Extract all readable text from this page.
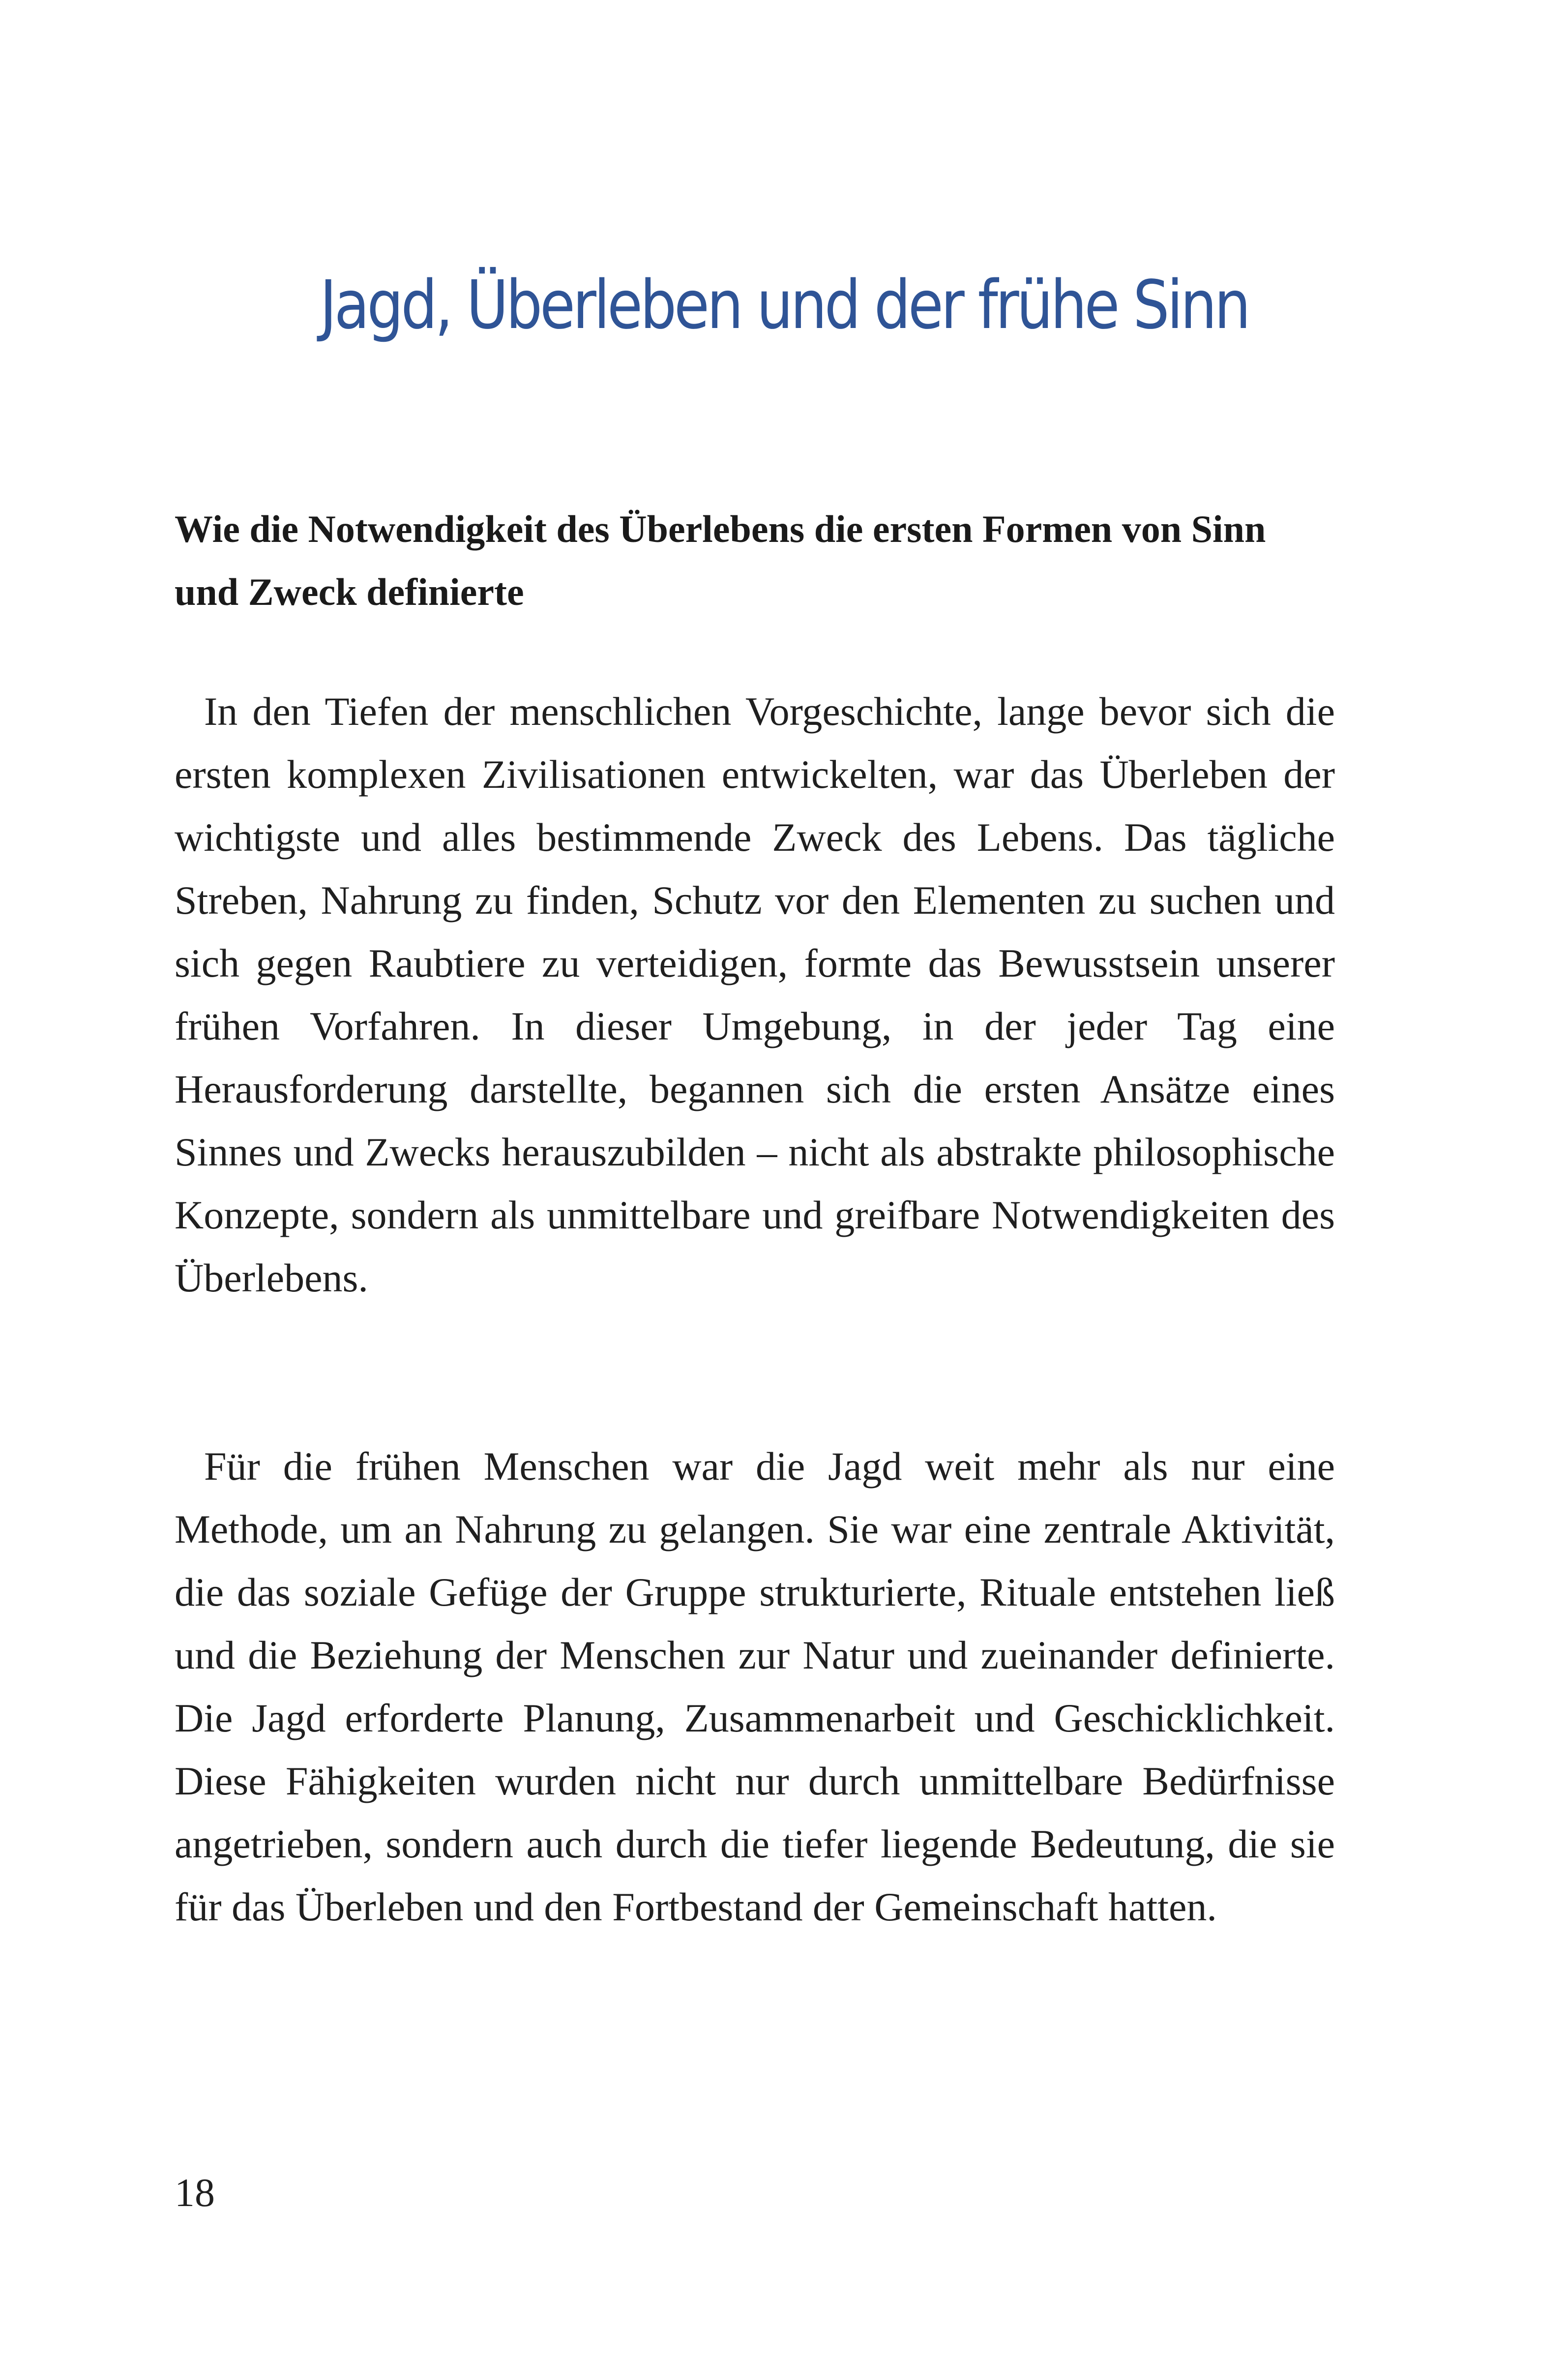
Jagd, Überleben und der frühe Sinn
Wie die Notwendigkeit des Überlebens die ersten Formen von Sinn und Zweck definierte

In den Tiefen der menschlichen Vorgeschichte, lange bevor sich die ersten komplexen Zivilisationen entwickelten, war das Überleben der wichtigste und alles bestimmende Zweck des Lebens. Das tägliche Streben, Nahrung zu finden, Schutz vor den Elementen zu suchen und sich gegen Raubtiere zu verteidigen, formte das Bewusstsein unserer frühen Vorfahren. In dieser Umgebung, in der jeder Tag eine Herausforderung darstellte, begannen sich die ersten Ansätze eines Sinnes und Zwecks herauszubilden – nicht als abstrakte philosophische Konzepte, sondern als unmittelbare und greifbare Notwendigkeiten des Überlebens.

Für die frühen Menschen war die Jagd weit mehr als nur eine Methode, um an Nahrung zu gelangen. Sie war eine zentrale Aktivität, die das soziale Gefüge der Gruppe strukturierte, Rituale entstehen ließ und die Beziehung der Menschen zur Natur und zueinander definierte. Die Jagd erforderte Planung, Zusammenarbeit und Geschicklichkeit. Diese Fähigkeiten wurden nicht nur durch unmittelbare Bedürfnisse angetrieben, sondern auch durch die tiefer liegende Bedeutung, die sie für das Überleben und den Fortbestand der Gemeinschaft hatten.

18
